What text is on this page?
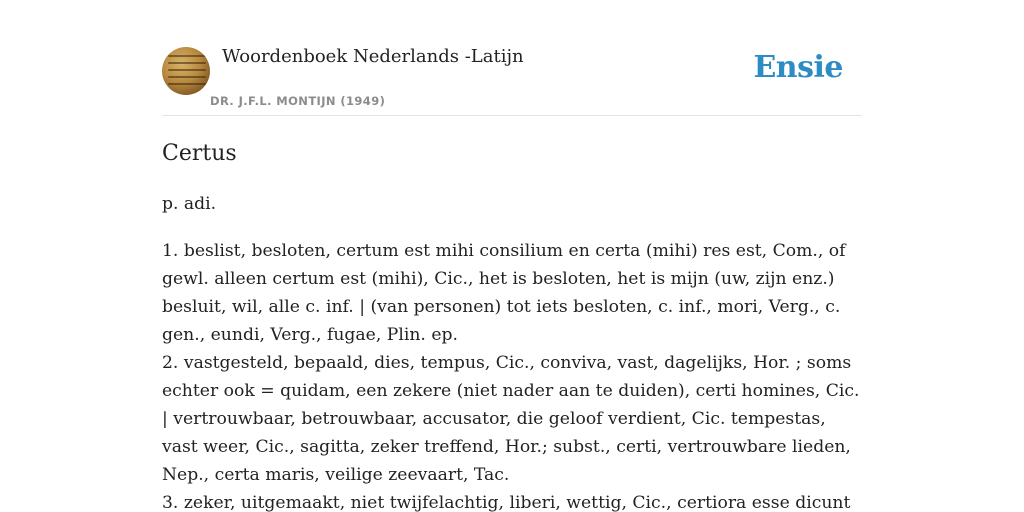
Woordenboek Nederlands -Latijn
DR. J.F.L. MONTIJN (1949)
Ensie
Certus

p. adi.

1. beslist, besloten, certum est mihi consilium en certa (mihi) res est, Com., of gewl. alleen certum est (mihi), Cic., het is besloten, het is mijn (uw, zijn enz.) besluit, wil, alle c. inf. | (van personen) tot iets besloten, c. inf., mori, Verg., c. gen., eundi, Verg., fugae, Plin. ep.

2. vastgesteld, bepaald, dies, tempus, Cic., conviva, vast, dagelijks, Hor. ; soms echter ook = quidam, een zekere (niet nader aan te duiden), certi homines, Cic. | vertrouwbaar, betrouwbaar, accusator, die geloof verdient, Cic. tempestas, vast weer, Cic., sagitta, zeker treffend, Hor.; subst., certi, vertrouwbare lieden, Nep., certa maris, veilige zeevaart, Tac.

3. zeker, uitgemaakt, niet twijfelachtig, liberi, wettig, Cic., certiora esse dicunt
